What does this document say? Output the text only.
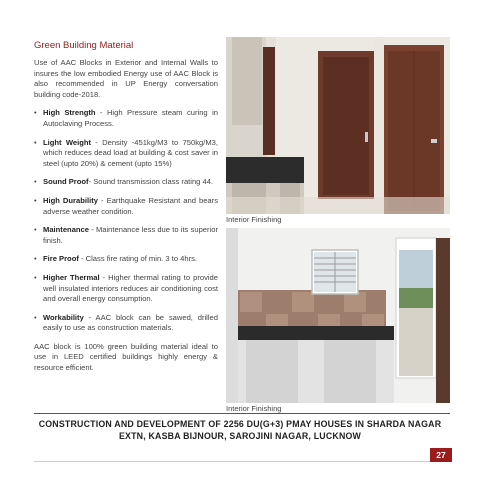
Green Building Material

Use of AAC Blocks in Exterior and Internal Walls to insures the low embodied Energy use of AAC Block is also recommended in UP Energy conversation building code-2018.

• High Strength - High Pressure steam curing in Autoclaving Process.
• Light Weight - Density -451kg/M3 to 750kg/M3, which reduces dead load at building & cost saver in steel (upto 20%) & cement (upto 15%)
• Sound Proof- Sound transmission class rating 44.
• High Durability - Earthquake Resistant and bears adverse weather condition.
• Maintenance - Maintenance less due to its superior finish.
• Fire Proof - Class fire rating of min. 3 to 4hrs.
• Higher Thermal - Higher thermal rating to provide well insulated interiors reduces air conditioning cost and overall energy consumption.
• Workability - AAC block can be sawed, drilled easily to use as construction materials.

AAC block is 100% green building material ideal to use in LEED certified buildings highly energy & resource efficient.

Interior Finishing
Interior Finishing
CONSTRUCTION AND DEVELOPMENT OF 2256 DU(G+3) PMAY HOUSES IN SHARDA NAGAR
EXTN, KASBA BIJNOUR, SAROJINI NAGAR, LUCKNOW
27
